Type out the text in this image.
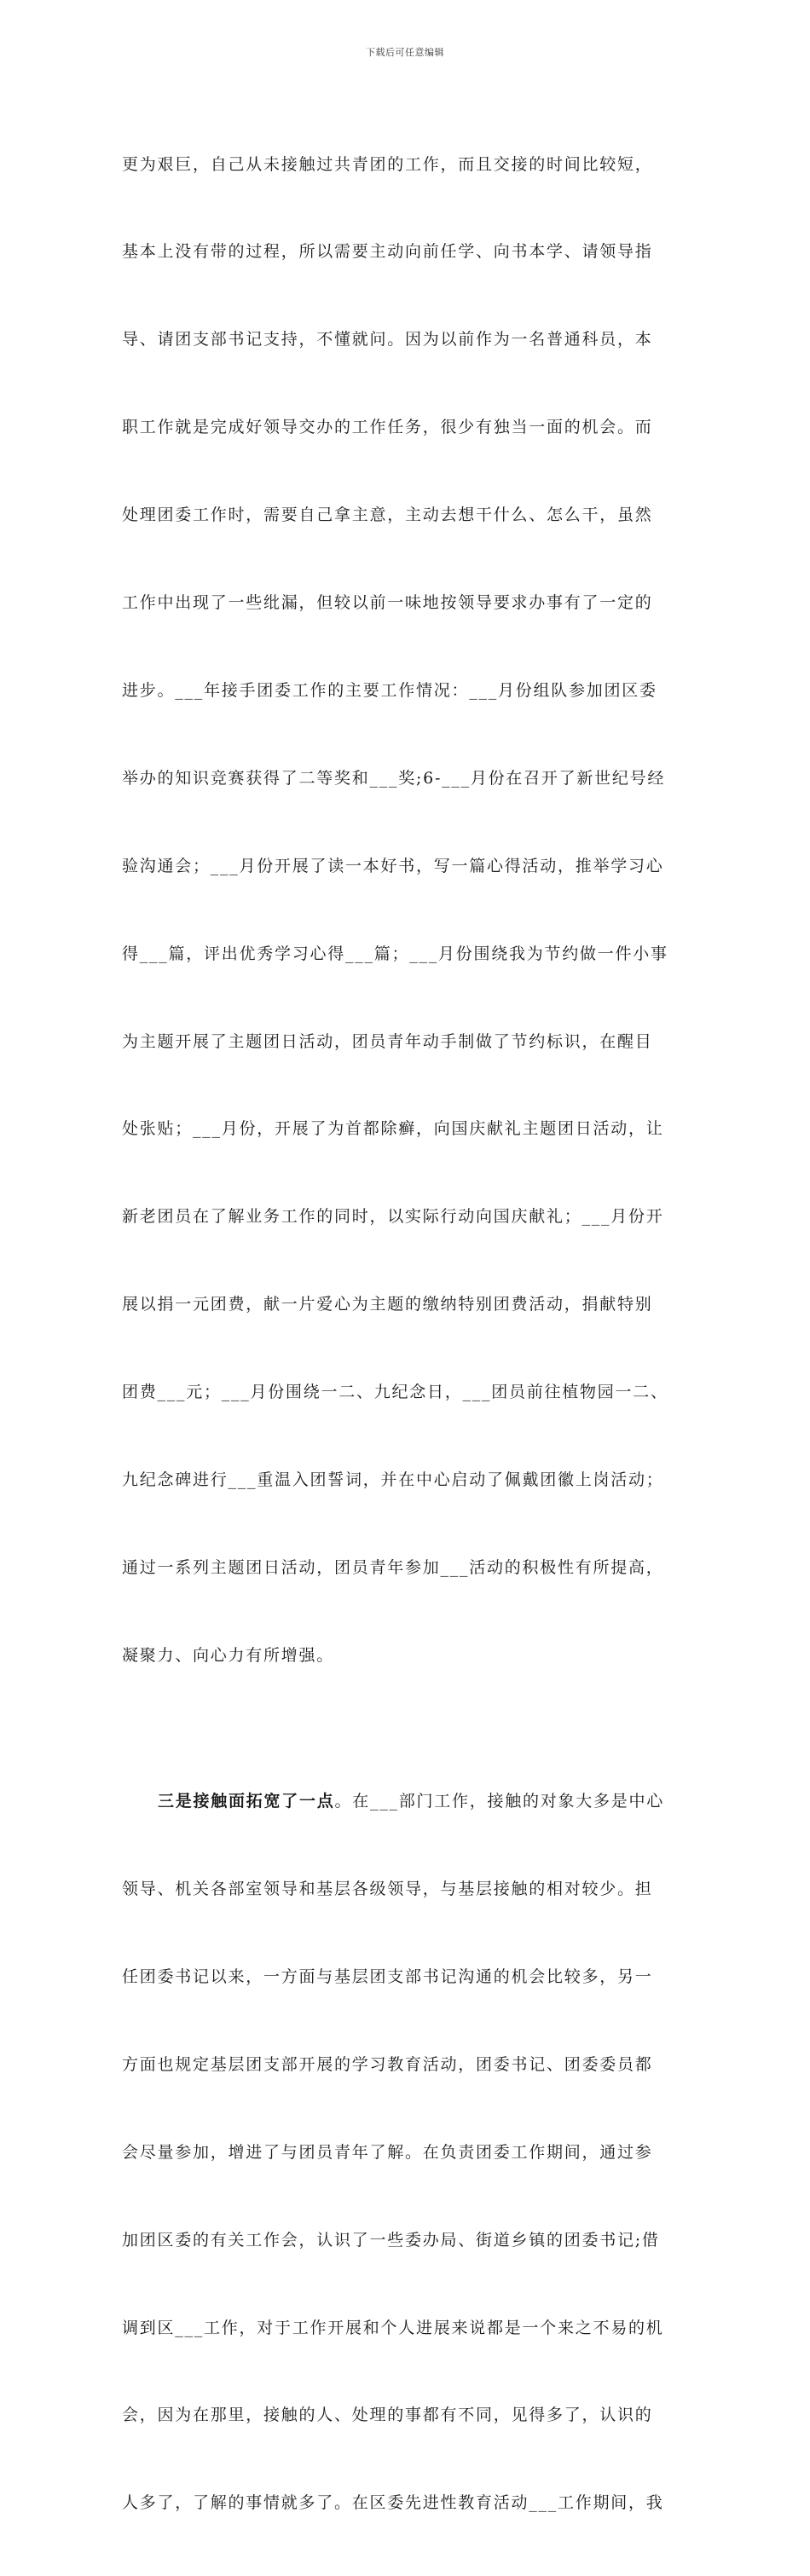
下载后可任意编辑

更为艰巨，自己从未接触过共青团的工作，而且交接的时间比较短，

基本上没有带的过程，所以需要主动向前任学、向书本学、请领导指

导、请团支部书记支持，不懂就问。因为以前作为一名普通科员，本

职工作就是完成好领导交办的工作任务，很少有独当一面的机会。而

处理团委工作时，需要自己拿主意，主动去想干什么、怎么干，虽然

工作中出现了一些纰漏，但较以前一味地按领导要求办事有了一定的

进步。___年接手团委工作的主要工作情况：___月份组队参加团区委

举办的知识竞赛获得了二等奖和___奖;6-___月份在召开了新世纪号经

验沟通会；___月份开展了读一本好书，写一篇心得活动，推举学习心

得___篇，评出优秀学习心得___篇；___月份围绕我为节约做一件小事

为主题开展了主题团日活动，团员青年动手制做了节约标识，在醒目

处张贴；___月份，开展了为首都除癣，向国庆献礼主题团日活动，让

新老团员在了解业务工作的同时，以实际行动向国庆献礼；___月份开

展以捐一元团费，献一片爱心为主题的缴纳特别团费活动，捐献特别

团费___元；___月份围绕一二、九纪念日，___团员前往植物园一二、

九纪念碑进行___重温入团誓词，并在中心启动了佩戴团徽上岗活动；

通过一系列主题团日活动，团员青年参加___活动的积极性有所提高，

凝聚力、向心力有所增强。

三是接触面拓宽了一点。在___部门工作，接触的对象大多是中心

领导、机关各部室领导和基层各级领导，与基层接触的相对较少。担

任团委书记以来，一方面与基层团支部书记沟通的机会比较多，另一

方面也规定基层团支部开展的学习教育活动，团委书记、团委委员都

会尽量参加，增进了与团员青年了解。在负责团委工作期间，通过参

加团区委的有关工作会，认识了一些委办局、街道乡镇的团委书记;借

调到区___工作，对于工作开展和个人进展来说都是一个来之不易的机

会，因为在那里，接触的人、处理的事都有不同，见得多了，认识的

人多了，了解的事情就多了。在区委先进性教育活动___工作期间，我
